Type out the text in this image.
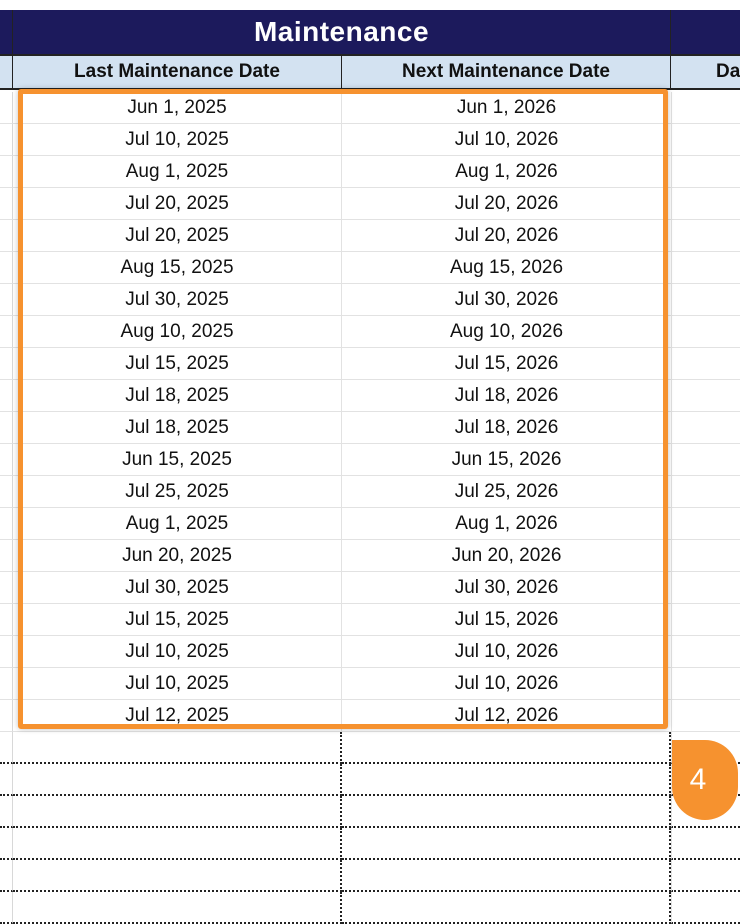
Maintenance
Last Maintenance Date	Next Maintenance Date	Da
Jun 1, 2025	Jun 1, 2026
Jul 10, 2025	Jul 10, 2026
Aug 1, 2025	Aug 1, 2026
Jul 20, 2025	Jul 20, 2026
Jul 20, 2025	Jul 20, 2026
Aug 15, 2025	Aug 15, 2026
Jul 30, 2025	Jul 30, 2026
Aug 10, 2025	Aug 10, 2026
Jul 15, 2025	Jul 15, 2026
Jul 18, 2025	Jul 18, 2026
Jul 18, 2025	Jul 18, 2026
Jun 15, 2025	Jun 15, 2026
Jul 25, 2025	Jul 25, 2026
Aug 1, 2025	Aug 1, 2026
Jun 20, 2025	Jun 20, 2026
Jul 30, 2025	Jul 30, 2026
Jul 15, 2025	Jul 15, 2026
Jul 10, 2025	Jul 10, 2026
Jul 10, 2025	Jul 10, 2026
Jul 12, 2025	Jul 12, 2026
4
